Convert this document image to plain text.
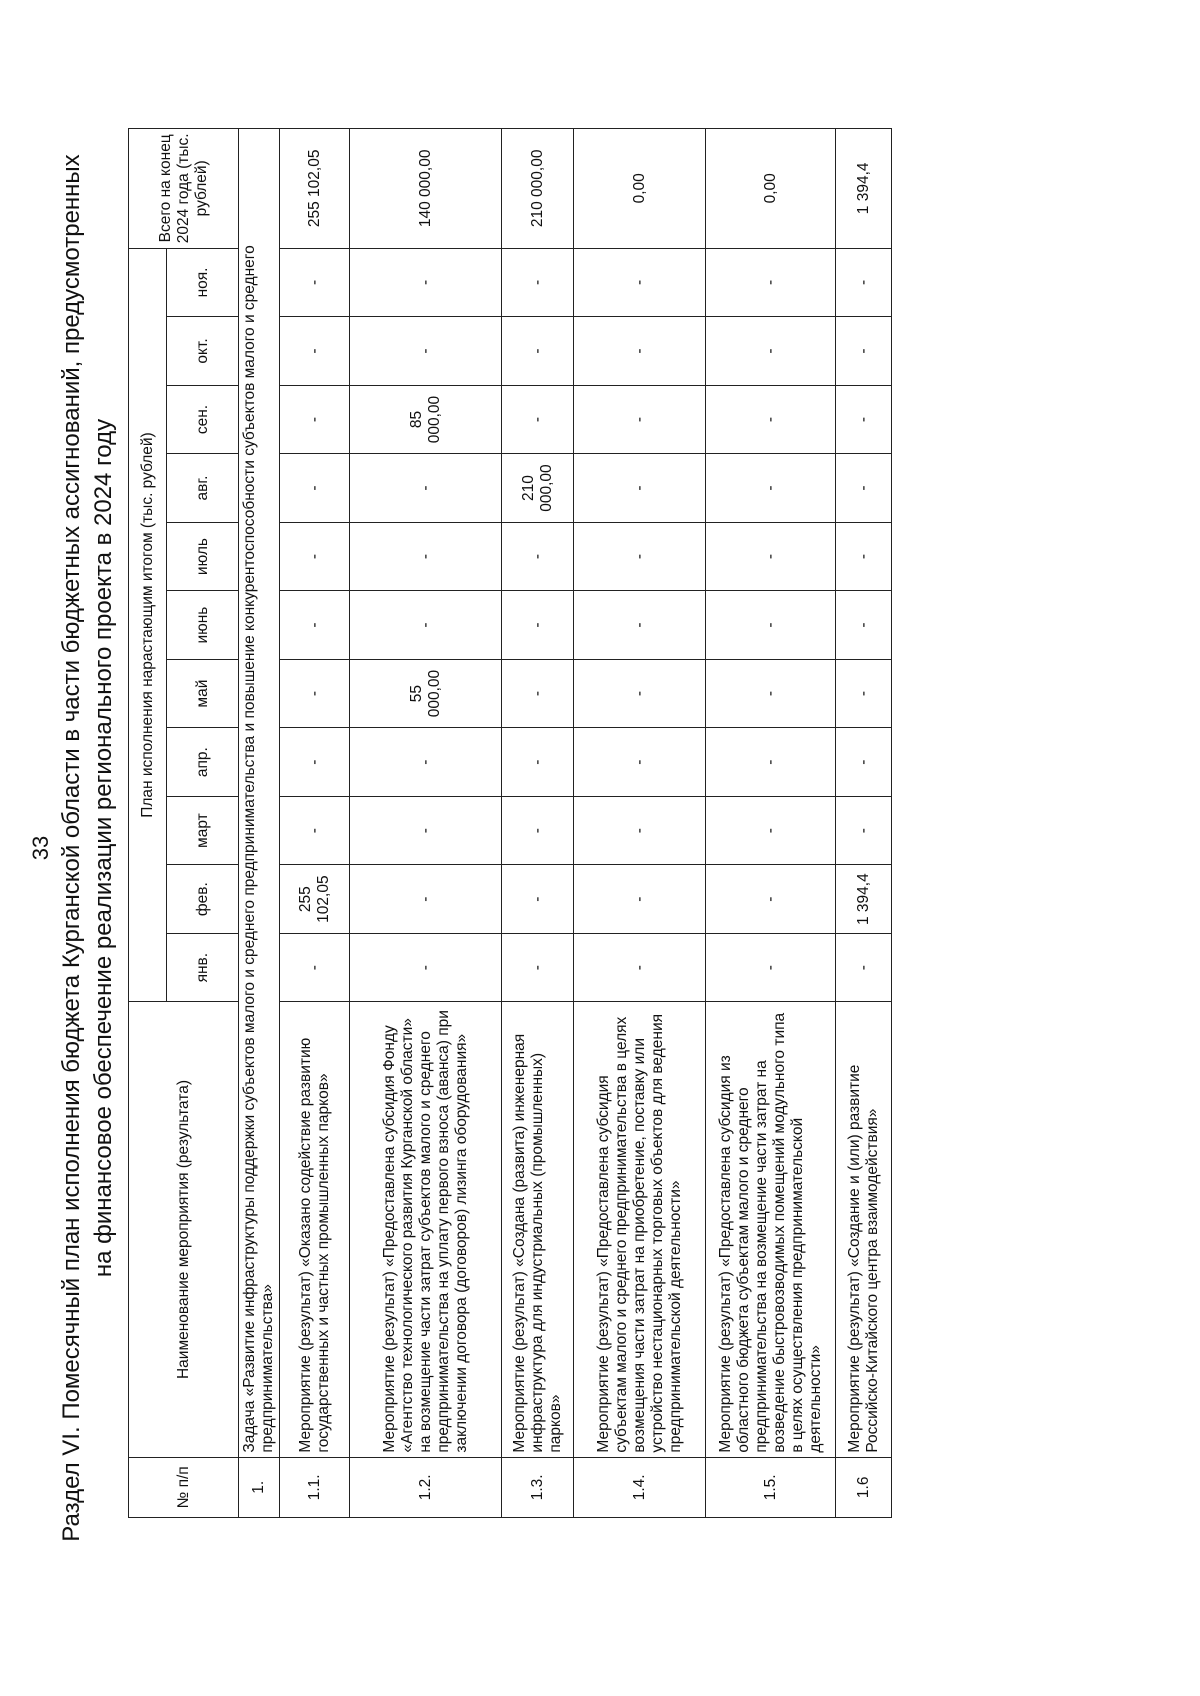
33 Раздел VI. Помесячный план исполнения бюджета Курганской области в части бюджетных ассигнований, предусмотренных на финансовое обеспечение реализации регионального проекта в 2024 году
№ п/п	Наименование мероприятия (результата)	План исполнения нарастающим итогом (тыс. рублей)											Всего на конец 2024 года (тыс. рублей)
		янв.	фев.	март	апр.	май	июнь	июль	авг.	сен.	окт.	ноя.	
1.	Задача «Развитие инфраструктуры поддержки субъектов малого и среднего предпринимательства и повышение конкурентоспособности субъектов малого и среднего предпринимательства»												
1.1.	Мероприятие (результат) «Оказано содействие развитию государственных и частных промышленных парков»	-	255 102,05	-	-	-	-	-	-	-	-	-	255 102,05
1.2.	Мероприятие (результат) «Предоставлена субсидия Фонду «Агентство технологического развития Курганской области» на возмещение части затрат субъектов малого и среднего предпринимательства на уплату первого взноса (аванса) при заключении договора (договоров) лизинга оборудования»	-	-	-	-	55 000,00	-	-	-	85 000,00	-	-	140 000,00
1.3.	Мероприятие (результат) «Создана (развита) инженерная инфраструктура для индустриальных (промышленных) парков»	-	-	-	-	-	-	-	210 000,00	-	-	-	210 000,00
1.4.	Мероприятие (результат) «Предоставлена субсидия субъектам малого и среднего предпринимательства в целях возмещения части затрат на приобретение, поставку или устройство нестационарных торговых объектов для ведения предпринимательской деятельности»	-	-	-	-	-	-	-	-	-	-	-	0,00
1.5.	Мероприятие (результат) «Предоставлена субсидия из областного бюджета субъектам малого и среднего предпринимательства на возмещение части затрат на возведение быстровозводимых помещений модульного типа в целях осуществления предпринимательской деятельности»	-	-	-	-	-	-	-	-	-	-	-	0,00
1.6	Мероприятие (результат) «Создание и (или) развитие Российско-Китайского центра взаимодействия»	-	1 394,4	-	-	-	-	-	-	-	-	-	1 394,4
